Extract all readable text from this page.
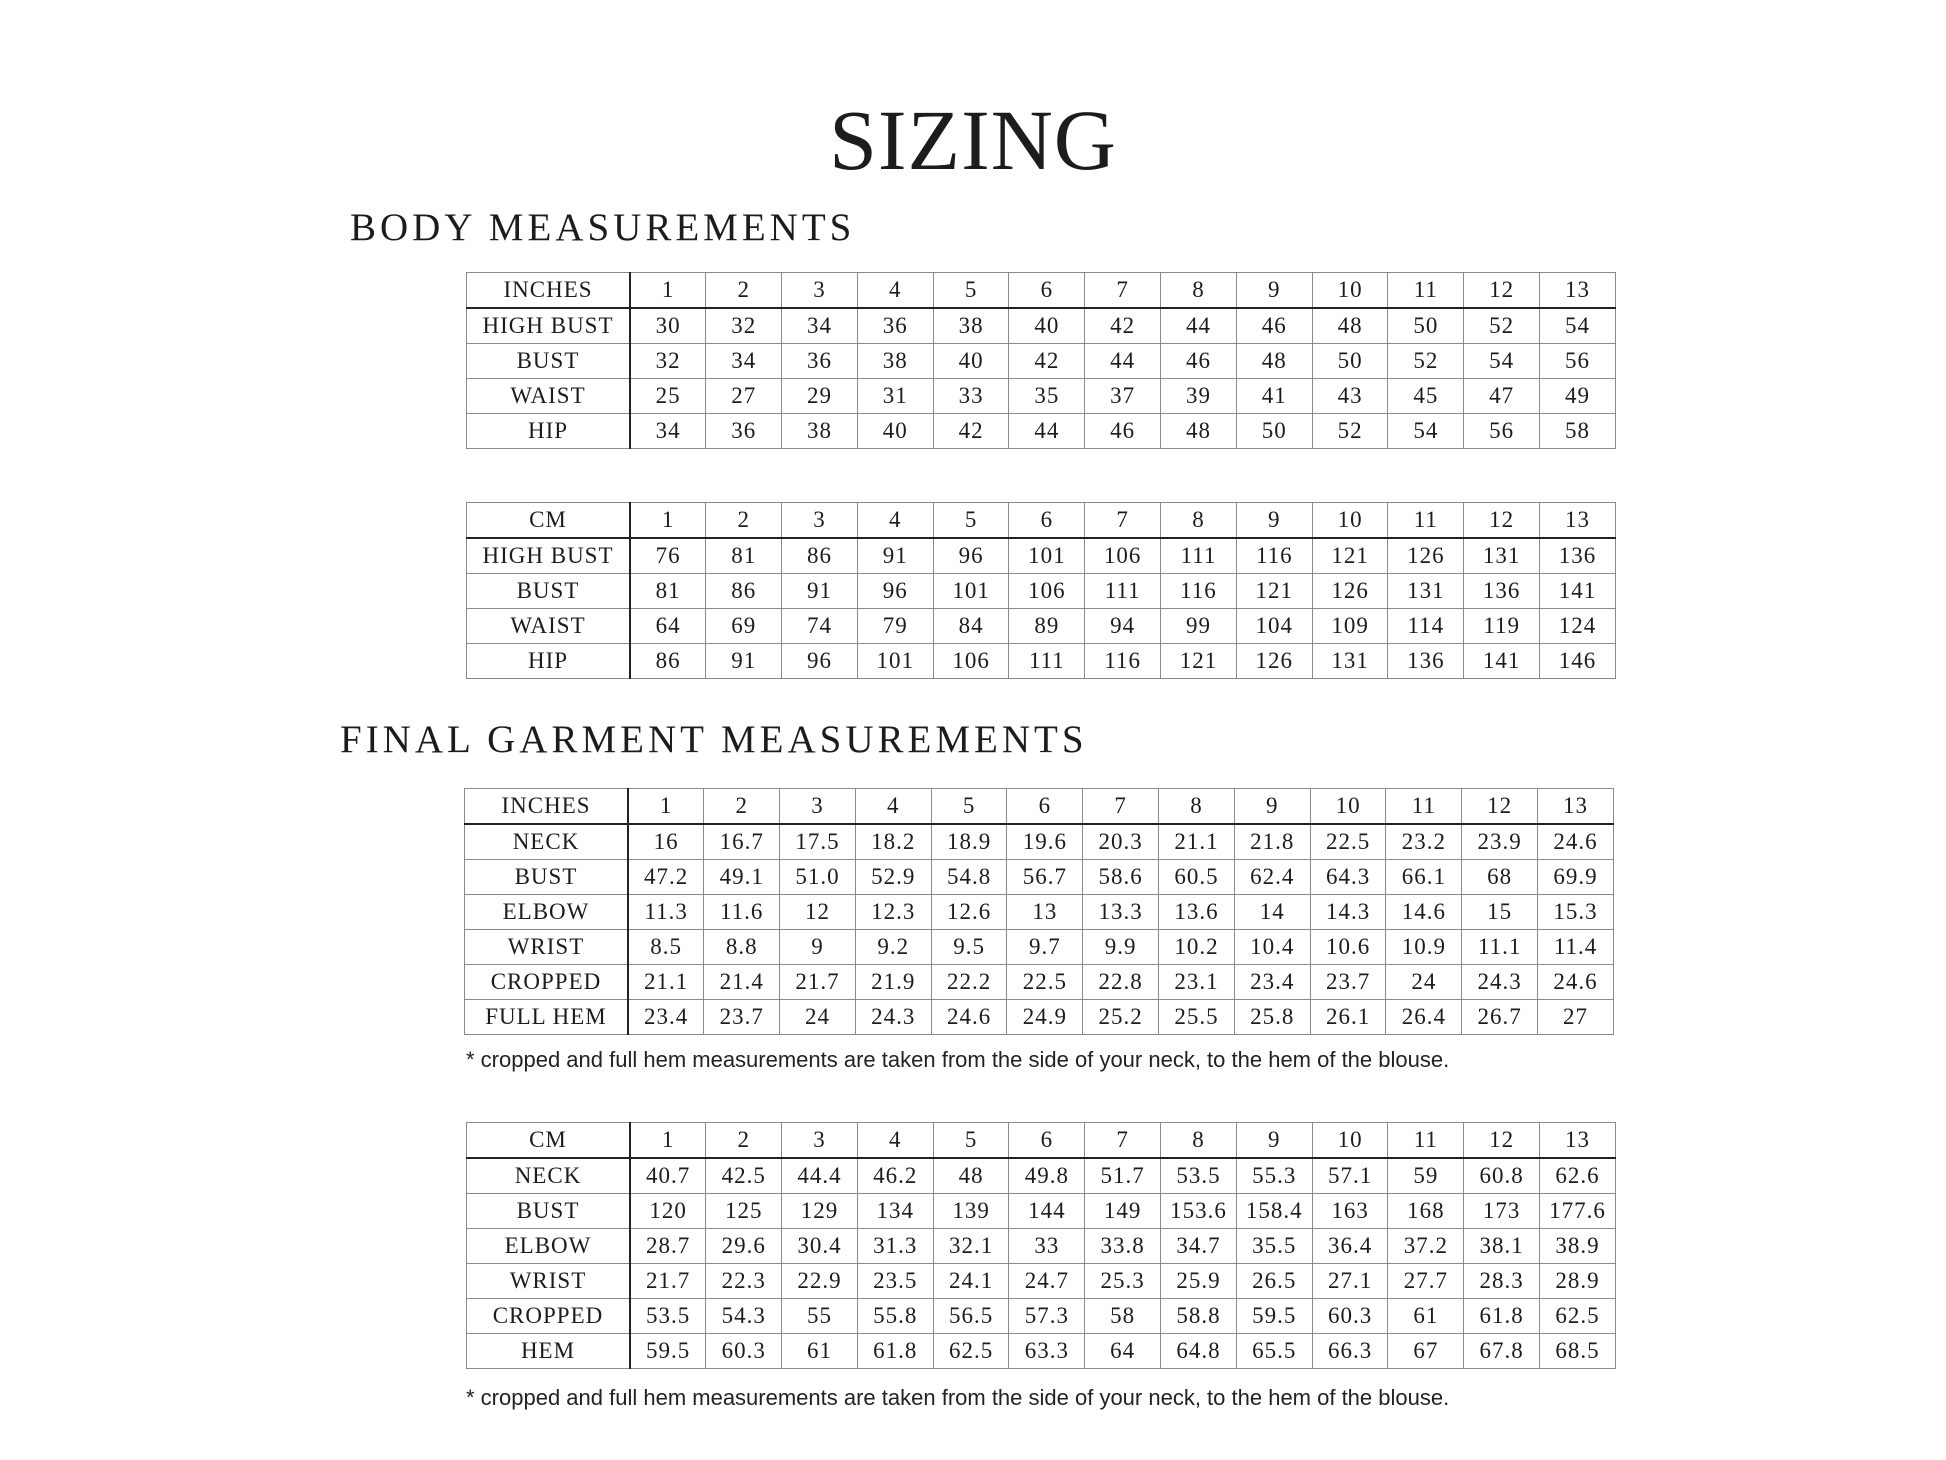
SIZING
BODY MEASUREMENTS
INCHES	1	2	3	4	5	6	7	8	9	10	11	12	13
HIGH BUST	30	32	34	36	38	40	42	44	46	48	50	52	54
BUST	32	34	36	38	40	42	44	46	48	50	52	54	56
WAIST	25	27	29	31	33	35	37	39	41	43	45	47	49
HIP	34	36	38	40	42	44	46	48	50	52	54	56	58
CM	1	2	3	4	5	6	7	8	9	10	11	12	13
HIGH BUST	76	81	86	91	96	101	106	111	116	121	126	131	136
BUST	81	86	91	96	101	106	111	116	121	126	131	136	141
WAIST	64	69	74	79	84	89	94	99	104	109	114	119	124
HIP	86	91	96	101	106	111	116	121	126	131	136	141	146
FINAL GARMENT MEASUREMENTS
INCHES	1	2	3	4	5	6	7	8	9	10	11	12	13
NECK	16	16.7	17.5	18.2	18.9	19.6	20.3	21.1	21.8	22.5	23.2	23.9	24.6
BUST	47.2	49.1	51.0	52.9	54.8	56.7	58.6	60.5	62.4	64.3	66.1	68	69.9
ELBOW	11.3	11.6	12	12.3	12.6	13	13.3	13.6	14	14.3	14.6	15	15.3
WRIST	8.5	8.8	9	9.2	9.5	9.7	9.9	10.2	10.4	10.6	10.9	11.1	11.4
CROPPED	21.1	21.4	21.7	21.9	22.2	22.5	22.8	23.1	23.4	23.7	24	24.3	24.6
FULL HEM	23.4	23.7	24	24.3	24.6	24.9	25.2	25.5	25.8	26.1	26.4	26.7	27
* cropped and full hem measurements are taken from the side of your neck, to the hem of the blouse.
CM	1	2	3	4	5	6	7	8	9	10	11	12	13
NECK	40.7	42.5	44.4	46.2	48	49.8	51.7	53.5	55.3	57.1	59	60.8	62.6
BUST	120	125	129	134	139	144	149	153.6	158.4	163	168	173	177.6
ELBOW	28.7	29.6	30.4	31.3	32.1	33	33.8	34.7	35.5	36.4	37.2	38.1	38.9
WRIST	21.7	22.3	22.9	23.5	24.1	24.7	25.3	25.9	26.5	27.1	27.7	28.3	28.9
CROPPED	53.5	54.3	55	55.8	56.5	57.3	58	58.8	59.5	60.3	61	61.8	62.5
HEM	59.5	60.3	61	61.8	62.5	63.3	64	64.8	65.5	66.3	67	67.8	68.5
* cropped and full hem measurements are taken from the side of your neck, to the hem of the blouse.
